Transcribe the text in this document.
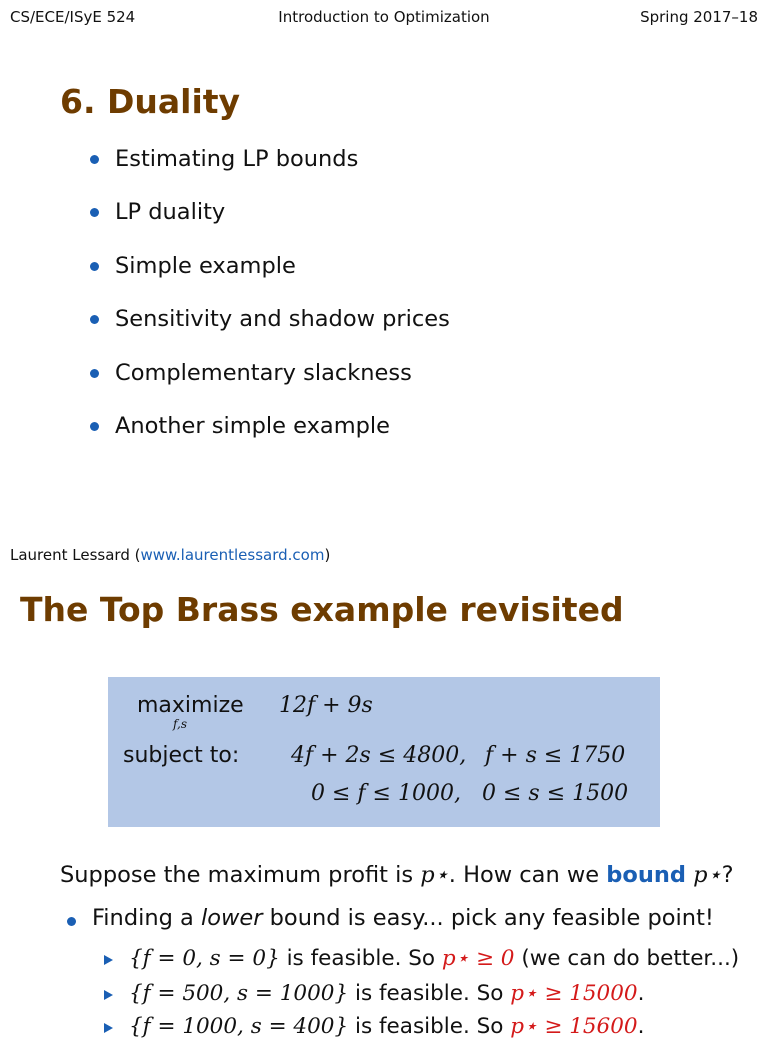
CS/ECE/ISyE 524	Introduction to Optimization	Spring 2017–18
6. Duality
Estimating LP bounds
LP duality
Simple example
Sensitivity and shadow prices
Complementary slackness
Another simple example
Laurent Lessard (www.laurentlessard.com)
The Top Brass example revisited
maximize
f,s
12f + 9s
subject to: 4f + 2s ≤ 4800, f + s ≤ 1750
0 ≤ f ≤ 1000, 0 ≤ s ≤ 1500
Suppose the maximum profit is p⋆. How can we bound p⋆?
Finding a lower bound is easy... pick any feasible point!
{f = 0, s = 0} is feasible. So p⋆ ≥ 0 (we can do better...)
{f = 500, s = 1000} is feasible. So p⋆ ≥ 15000.
{f = 1000, s = 400} is feasible. So p⋆ ≥ 15600.
